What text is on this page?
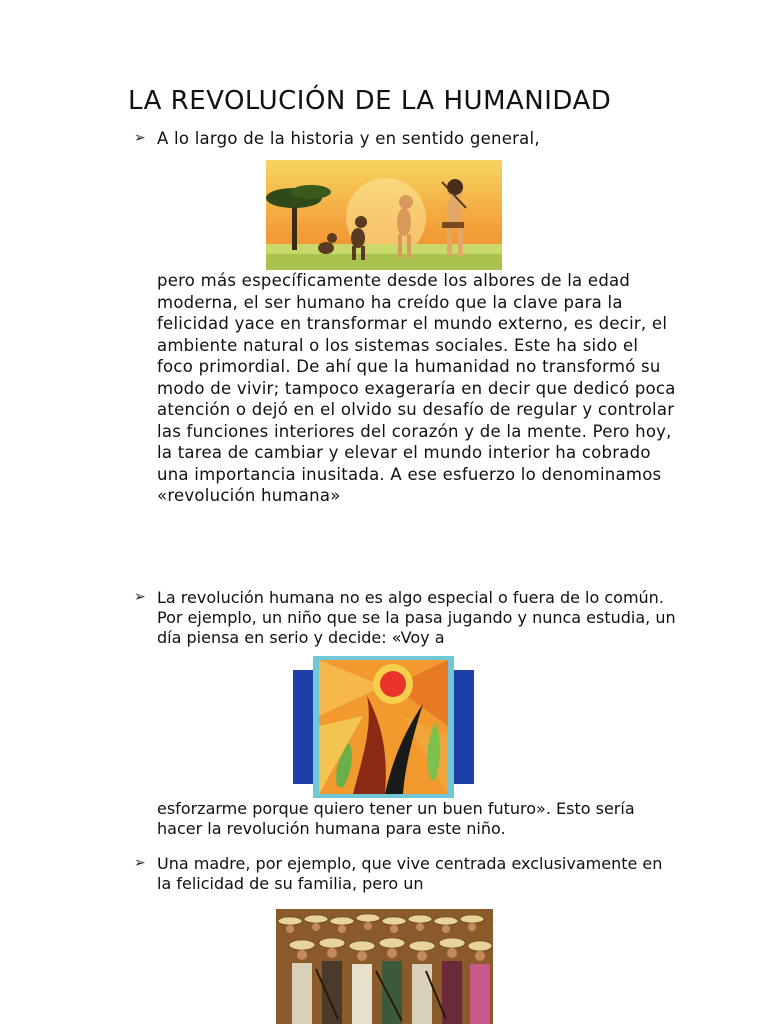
LA REVOLUCIÓN DE LA HUMANIDAD
➢ A lo largo de la historia y en sentido general,
pero más específicamente desde los albores de la edad moderna, el ser humano ha creído que la clave para la felicidad yace en transformar el mundo externo, es decir, el ambiente natural o los sistemas sociales. Este ha sido el foco primordial. De ahí que la humanidad no transformó su modo de vivir; tampoco exageraría en decir que dedicó poca atención o dejó en el olvido su desafío de regular y controlar las funciones interiores del corazón y de la mente. Pero hoy, la tarea de cambiar y elevar el mundo interior ha cobrado una importancia inusitada. A ese esfuerzo lo denominamos «revolución humana»
➢ La revolución humana no es algo especial o fuera de lo común. Por ejemplo, un niño que se la pasa jugando y nunca estudia, un día piensa en serio y decide: «Voy a
esforzarme porque quiero tener un buen futuro». Esto sería hacer la revolución humana para este niño.
➢ Una madre, por ejemplo, que vive centrada exclusivamente en la felicidad de su familia, pero un
